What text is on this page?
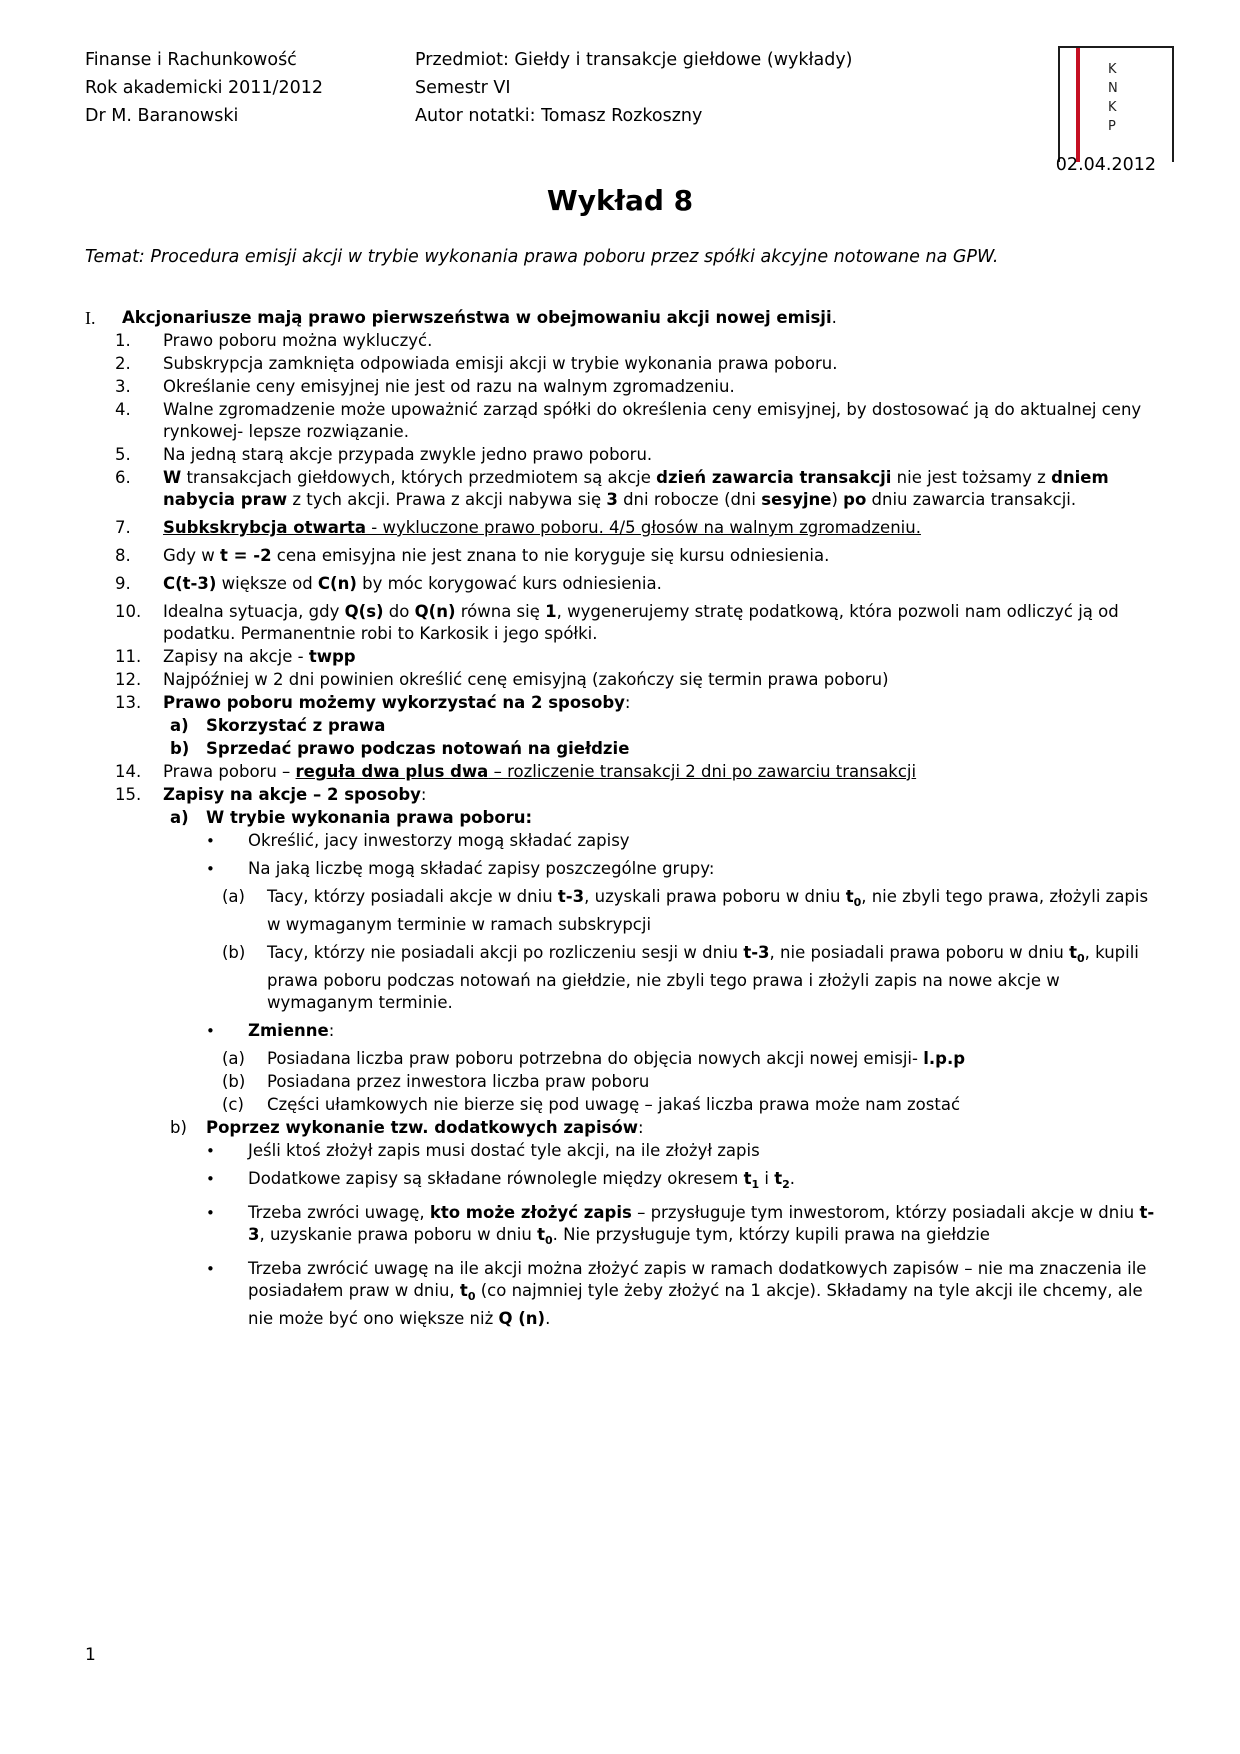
Finanse i Rachunkowość
Rok akademicki 2011/2012
Dr M. Baranowski
Przedmiot: Giełdy i transakcje giełdowe (wykłady)
Semestr VI
Autor notatki: Tomasz Rozkoszny
K
N
K
P
02.04.2012
Wykład 8
Temat: Procedura emisji akcji w trybie wykonania prawa poboru przez spółki akcyjne notowane na GPW.
I.	Akcjonariusze mają prawo pierwszeństwa w obejmowaniu akcji nowej emisji.
1.	Prawo poboru można wykluczyć.
2.	Subskrypcja zamknięta odpowiada emisji akcji w trybie wykonania prawa poboru.
3.	Określanie ceny emisyjnej nie jest od razu na walnym zgromadzeniu.
4.	Walne zgromadzenie może upoważnić zarząd spółki do określenia ceny emisyjnej, by dostosować ją do aktualnej ceny rynkowej- lepsze rozwiązanie.
5.	Na jedną starą akcje przypada zwykle jedno prawo poboru.
6.	W transakcjach giełdowych, których przedmiotem są akcje dzień zawarcia transakcji nie jest tożsamy z dniem nabycia praw z tych akcji. Prawa z akcji nabywa się 3 dni robocze (dni sesyjne) po dniu zawarcia transakcji.
7.	Subkskrybcja otwarta - wykluczone prawo poboru. 4/5 głosów na walnym zgromadzeniu.
8.	Gdy w t = -2 cena emisyjna nie jest znana to nie koryguje się kursu odniesienia.
9.	C(t-3) większe od C(n) by móc korygować kurs odniesienia.
10.	Idealna sytuacja, gdy Q(s) do Q(n) równa się 1, wygenerujemy stratę podatkową, która pozwoli nam odliczyć ją od podatku. Permanentnie robi to Karkosik i jego spółki.
11.	Zapisy na akcje - twpp
12.	Najpóźniej w 2 dni powinien określić cenę emisyjną (zakończy się termin prawa poboru)
13.	Prawo poboru możemy wykorzystać na 2 sposoby:
a)	Skorzystać z prawa
b)	Sprzedać prawo podczas notowań na giełdzie
14.	Prawa poboru – reguła dwa plus dwa – rozliczenie transakcji 2 dni po zawarciu transakcji
15.	Zapisy na akcje – 2 sposoby:
a)	W trybie wykonania prawa poboru:
•	Określić, jacy inwestorzy mogą składać zapisy
•	Na jaką liczbę mogą składać zapisy poszczególne grupy:
(a)	Tacy, którzy posiadali akcje w dniu t-3, uzyskali prawa poboru w dniu $t_0$, nie zbyli tego prawa, złożyli zapis w wymaganym terminie w ramach subskrypcji
(b)	Tacy, którzy nie posiadali akcji po rozliczeniu sesji w dniu t-3, nie posiadali prawa poboru w dniu $t_0$, kupili prawa poboru podczas notowań na giełdzie, nie zbyli tego prawa i złożyli zapis na nowe akcje w wymaganym terminie.
•	Zmienne:
(a)	Posiadana liczba praw poboru potrzebna do objęcia nowych akcji nowej emisji- l.p.p
(b)	Posiadana przez inwestora liczba praw poboru
(c)	Części ułamkowych nie bierze się pod uwagę – jakaś liczba prawa może nam zostać
b)	Poprzez wykonanie tzw. dodatkowych zapisów:
•	Jeśli ktoś złożył zapis musi dostać tyle akcji, na ile złożył zapis
•	Dodatkowe zapisy są składane równolegle między okresem $t_1$ i $t_2$.
•	Trzeba zwróci uwagę, kto może złożyć zapis – przysługuje tym inwestorom, którzy posiadali akcje w dniu t-3, uzyskanie prawa poboru w dniu $t_0$. Nie przysługuje tym, którzy kupili prawa na giełdzie
•	Trzeba zwrócić uwagę na ile akcji można złożyć zapis w ramach dodatkowych zapisów – nie ma znaczenia ile posiadałem praw w dniu, $t_0$ (co najmniej tyle żeby złożyć na 1 akcje). Składamy na tyle akcji ile chcemy, ale nie może być ono większe niż Q (n).
1
